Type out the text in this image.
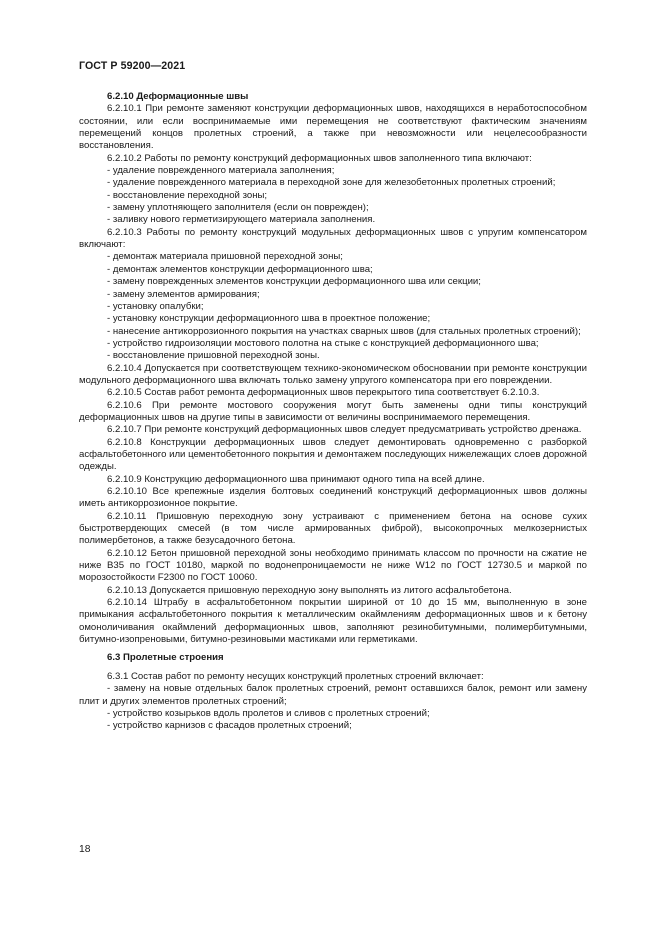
ГОСТ Р 59200—2021

6.2.10 Деформационные швы

6.2.10.1 При ремонте заменяют конструкции деформационных швов, находящихся в неработоспособном состоянии, или если воспринимаемые ими перемещения не соответствуют фактическим значениям перемещений концов пролетных строений, а также при невозможности или нецелесообразности восстановления.

6.2.10.2 Работы по ремонту конструкций деформационных швов заполненного типа включают:

- удаление поврежденного материала заполнения;

- удаление поврежденного материала в переходной зоне для железобетонных пролетных строений;

- восстановление переходной зоны;

- замену уплотняющего заполнителя (если он поврежден);

- заливку нового герметизирующего материала заполнения.

6.2.10.3 Работы по ремонту конструкций модульных деформационных швов с упругим компенсатором включают:

- демонтаж материала пришовной переходной зоны;

- демонтаж элементов конструкции деформационного шва;

- замену поврежденных элементов конструкции деформационного шва или секции;

- замену элементов армирования;

- установку опалубки;

- установку конструкции деформационного шва в проектное положение;

- нанесение антикоррозионного покрытия на участках сварных швов (для стальных пролетных строений);

- устройство гидроизоляции мостового полотна на стыке с конструкцией деформационного шва;

- восстановление пришовной переходной зоны.

6.2.10.4 Допускается при соответствующем технико-экономическом обосновании при ремонте конструкции модульного деформационного шва включать только замену упругого компенсатора при его повреждении.

6.2.10.5 Состав работ ремонта деформационных швов перекрытого типа соответствует 6.2.10.3.

6.2.10.6 При ремонте мостового сооружения могут быть заменены одни типы конструкций деформационных швов на другие типы в зависимости от величины воспринимаемого перемещения.

6.2.10.7 При ремонте конструкций деформационных швов следует предусматривать устройство дренажа.

6.2.10.8 Конструкции деформационных швов следует демонтировать одновременно с разборкой асфальтобетонного или цементобетонного покрытия и демонтажем последующих нижележащих слоев дорожной одежды.

6.2.10.9 Конструкцию деформационного шва принимают одного типа на всей длине.

6.2.10.10 Все крепежные изделия болтовых соединений конструкций деформационных швов должны иметь антикоррозионное покрытие.

6.2.10.11 Пришовную переходную зону устраивают с применением бетона на основе сухих быстротвердеющих смесей (в том числе армированных фиброй), высокопрочных мелкозернистых полимербетонов, а также безусадочного бетона.

6.2.10.12 Бетон пришовной переходной зоны необходимо принимать классом по прочности на сжатие не ниже В35 по ГОСТ 10180, маркой по водонепроницаемости не ниже W12 по ГОСТ 12730.5 и маркой по морозостойкости F2300 по ГОСТ 10060.

6.2.10.13 Допускается пришовную переходную зону выполнять из литого асфальтобетона.

6.2.10.14 Штрабу в асфальтобетонном покрытии шириной от 10 до 15 мм, выполненную в зоне примыкания асфальтобетонного покрытия к металлическим окаймлениям деформационных швов и к бетону омоноличивания окаймлений деформационных швов, заполняют резинобитумными, полимербитумными, битумно-изопреновыми, битумно-резиновыми мастиками или герметиками.

6.3 Пролетные строения

6.3.1 Состав работ по ремонту несущих конструкций пролетных строений включает:

- замену на новые отдельных балок пролетных строений, ремонт оставшихся балок, ремонт или замену плит и других элементов пролетных строений;

- устройство козырьков вдоль пролетов и сливов с пролетных строений;

- устройство карнизов с фасадов пролетных строений;

18
